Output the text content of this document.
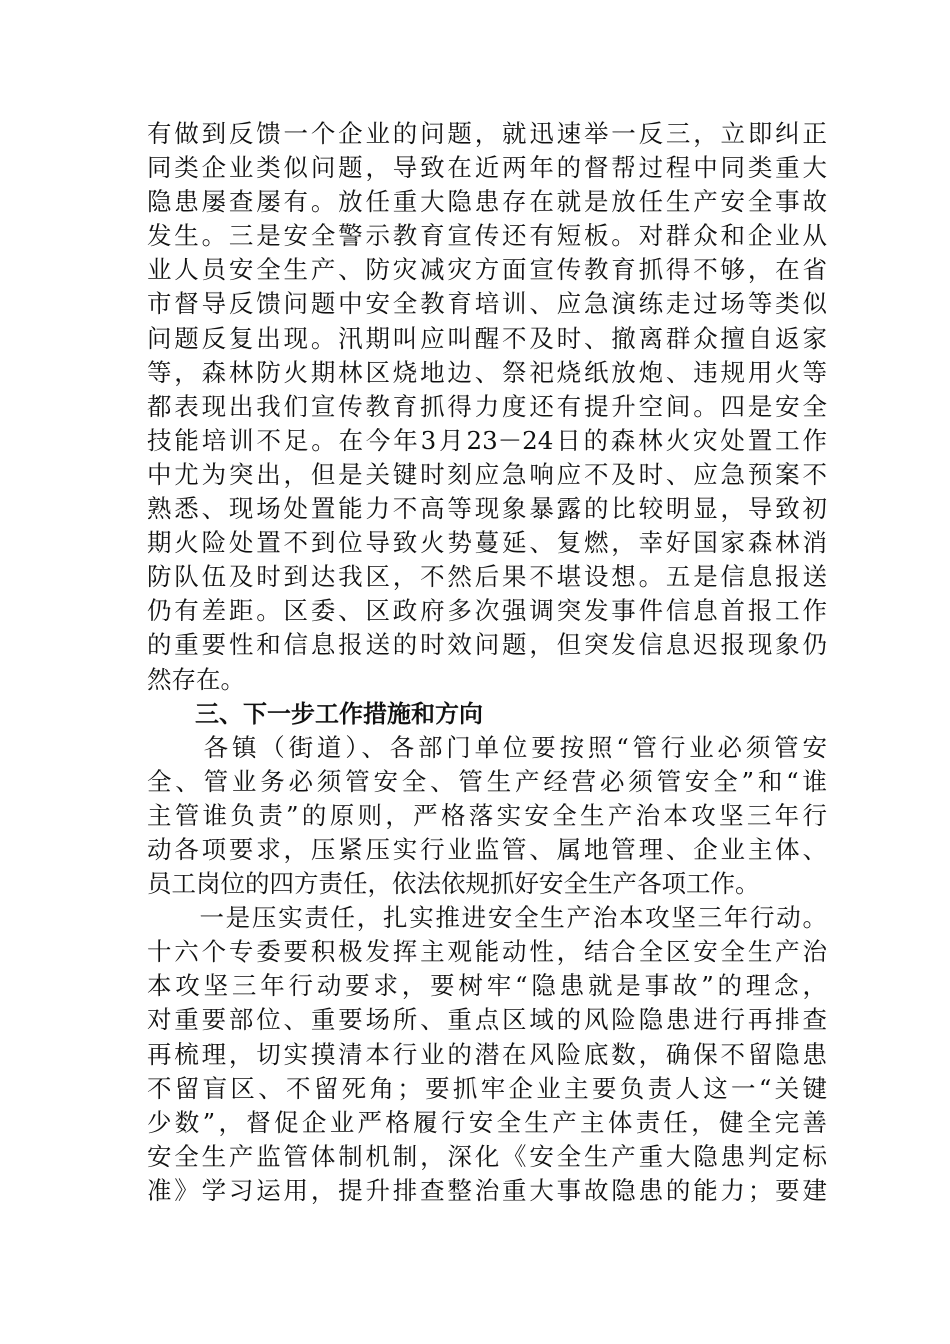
有做到反馈一个企业的问题，就迅速举一反三，立即纠正
同类企业类似问题，导致在近两年的督帮过程中同类重大
隐患屡查屡有。放任重大隐患存在就是放任生产安全事故
发生。三是安全警示教育宣传还有短板。对群众和企业从
业人员安全生产、防灾减灾方面宣传教育抓得不够，在省
市督导反馈问题中安全教育培训、应急演练走过场等类似
问题反复出现。汛期叫应叫醒不及时、撤离群众擅自返家
等，森林防火期林区烧地边、祭祀烧纸放炮、违规用火等
都表现出我们宣传教育抓得力度还有提升空间。四是安全
技能培训不足。在今年3月23－24日的森林火灾处置工作
中尤为突出，但是关键时刻应急响应不及时、应急预案不
熟悉、现场处置能力不高等现象暴露的比较明显，导致初
期火险处置不到位导致火势蔓延、复燃，幸好国家森林消
防队伍及时到达我区，不然后果不堪设想。五是信息报送
仍有差距。区委、区政府多次强调突发事件信息首报工作
的重要性和信息报送的时效问题，但突发信息迟报现象仍
然存在。
　　三、下一步工作措施和方向
　　各镇（街道）、各部门单位要按照“管行业必须管安
全、管业务必须管安全、管生产经营必须管安全”和“谁
主管谁负责”的原则，严格落实安全生产治本攻坚三年行
动各项要求，压紧压实行业监管、属地管理、企业主体、
员工岗位的四方责任，依法依规抓好安全生产各项工作。
　　一是压实责任，扎实推进安全生产治本攻坚三年行动。
十六个专委要积极发挥主观能动性，结合全区安全生产治
本攻坚三年行动要求，要树牢“隐患就是事故”的理念，
对重要部位、重要场所、重点区域的风险隐患进行再排查
再梳理，切实摸清本行业的潜在风险底数，确保不留隐患
不留盲区、不留死角；要抓牢企业主要负责人这一“关键
少数”，督促企业严格履行安全生产主体责任，健全完善
安全生产监管体制机制，深化《安全生产重大隐患判定标
准》学习运用，提升排查整治重大事故隐患的能力；要建
